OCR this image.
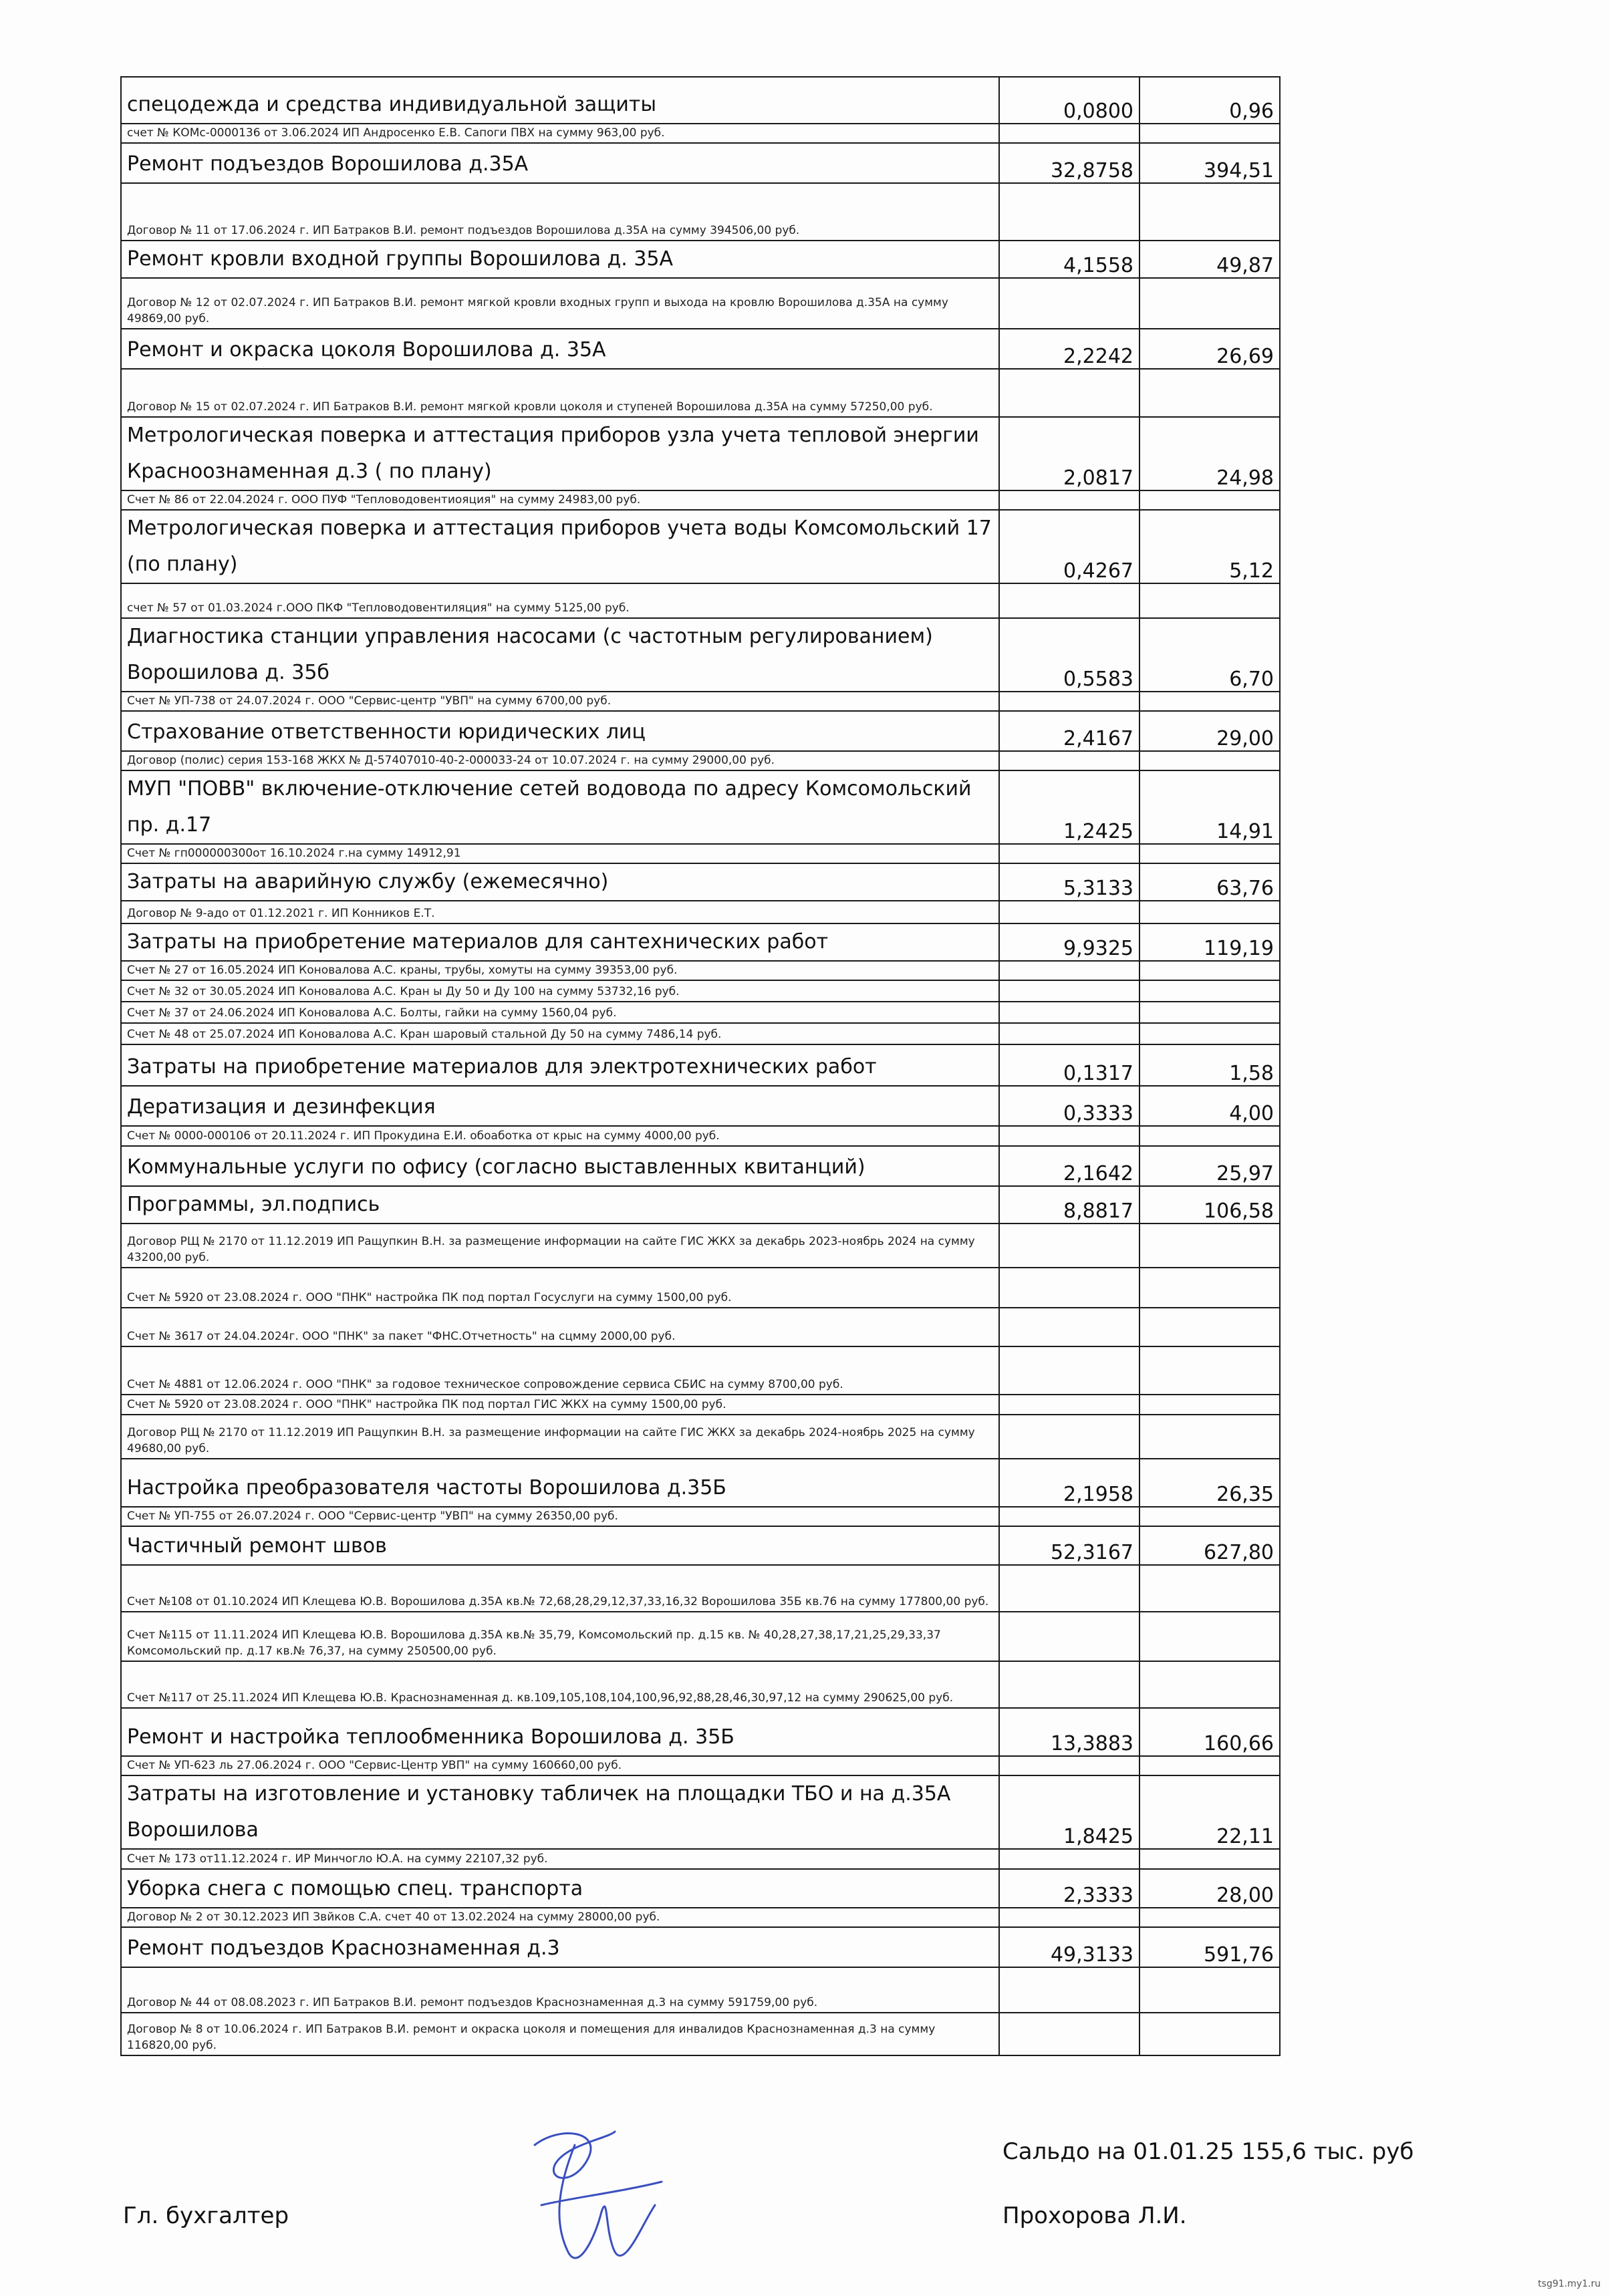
спецодежда и средства индивидуальной защиты	0,0800	0,96
счет № КОМс-0000136 от 3.06.2024 ИП Андросенко Е.В. Сапоги ПВХ на сумму 963,00 руб.		
Ремонт подъездов Ворошилова д.35А	32,8758	394,51
Договор № 11 от 17.06.2024 г. ИП Батраков В.И. ремонт подъездов Ворошилова д.35А на сумму 394506,00 руб.		
Ремонт кровли входной группы Ворошилова д. 35А	4,1558	49,87
Договор № 12 от 02.07.2024 г. ИП Батраков В.И. ремонт мягкой кровли входных групп и выхода на кровлю Ворошилова д.35А на сумму 49869,00 руб.		
Ремонт и окраска цоколя Ворошилова д. 35А	2,2242	26,69
Договор № 15 от 02.07.2024 г. ИП Батраков В.И. ремонт мягкой кровли цоколя и ступеней Ворошилова д.35А на сумму 57250,00 руб.		
Метрологическая поверка и аттестация приборов узла учета тепловой энергии Красноознаменная д.3 ( по плану)	2,0817	24,98
Счет № 86 от 22.04.2024 г. ООО ПУФ "Тепловодовентиояция" на сумму 24983,00 руб.		
Метрологическая поверка и аттестация приборов учета воды Комсомольский 17 (по плану)	0,4267	5,12
счет № 57 от 01.03.2024 г.ООО ПКФ "Тепловодовентиляция" на сумму 5125,00 руб.		
Диагностика станции управления насосами (с частотным регулированием) Ворошилова д. 35б	0,5583	6,70
Счет № УП-738 от 24.07.2024 г. ООО "Сервис-центр "УВП" на сумму 6700,00 руб.		
Страхование ответственности юридических лиц	2,4167	29,00
Договор (полис) серия 153-168 ЖКХ № Д-57407010-40-2-000033-24 от 10.07.2024 г. на сумму 29000,00 руб.		
МУП "ПОВВ" включение-отключение сетей водовода по адресу Комсомольский пр. д.17	1,2425	14,91
Счет № гп000000300от 16.10.2024 г.на сумму 14912,91		
Затраты на аварийную службу (ежемесячно)	5,3133	63,76
Договор № 9-адо от 01.12.2021 г. ИП Конников Е.Т.		
Затраты на приобретение материалов для сантехнических работ	9,9325	119,19
Счет № 27 от 16.05.2024 ИП Коновалова А.С. краны, трубы, хомуты на сумму 39353,00 руб.		
Счет № 32 от 30.05.2024 ИП Коновалова А.С. Кран ы Ду 50 и Ду 100 на сумму 53732,16 руб.		
Счет № 37 от 24.06.2024 ИП Коновалова А.С. Болты, гайки на сумму 1560,04 руб.		
Счет № 48 от 25.07.2024 ИП Коновалова А.С. Кран шаровый стальной Ду 50 на сумму 7486,14 руб.		
Затраты на приобретение материалов для электротехнических работ	0,1317	1,58
Дератизация и дезинфекция	0,3333	4,00
Счет № 0000-000106 от 20.11.2024 г. ИП Прокудина Е.И. обоаботка от крыс на сумму 4000,00 руб.		
Коммунальные услуги по офису (согласно выставленных квитанций)	2,1642	25,97
Программы, эл.подпись	8,8817	106,58
Договор РЩ № 2170 от 11.12.2019 ИП Ращупкин В.Н. за размещение информации на сайте ГИС ЖКХ за декабрь 2023-ноябрь 2024 на сумму 43200,00 руб.		
Счет № 5920 от 23.08.2024 г. ООО "ПНК" настройка ПК под портал Госуслуги на сумму 1500,00 руб.		
Счет № 3617 от 24.04.2024г. ООО "ПНК" за пакет "ФНС.Отчетность" на сцмму 2000,00 руб.		
Счет № 4881 от 12.06.2024 г. ООО "ПНК" за годовое техническое сопровождение сервиса СБИС на сумму 8700,00 руб.		
Счет № 5920 от 23.08.2024 г. ООО "ПНК" настройка ПК под портал ГИС ЖКХ на сумму 1500,00 руб.		
Договор РЩ № 2170 от 11.12.2019 ИП Ращупкин В.Н. за размещение информации на сайте ГИС ЖКХ за декабрь 2024-ноябрь 2025 на сумму 49680,00 руб.		
Настройка преобразователя частоты Ворошилова д.35Б	2,1958	26,35
Счет № УП-755 от 26.07.2024 г. ООО "Сервис-центр "УВП" на сумму 26350,00 руб.		
Частичный ремонт швов	52,3167	627,80
Счет №108 от 01.10.2024 ИП Клещева Ю.В. Ворошилова д.35А кв.№ 72,68,28,29,12,37,33,16,32 Ворошилова 35Б кв.76 на сумму 177800,00 руб.		
Счет №115 от 11.11.2024 ИП Клещева Ю.В. Ворошилова д.35А кв.№ 35,79, Комсомольский пр. д.15 кв. № 40,28,27,38,17,21,25,29,33,37 Комсомольский пр. д.17 кв.№ 76,37, на сумму 250500,00 руб.		
Счет №117 от 25.11.2024 ИП Клещева Ю.В. Краснознаменная д. кв.109,105,108,104,100,96,92,88,28,46,30,97,12 на сумму 290625,00 руб.		
Ремонт и настройка теплообменника Ворошилова д. 35Б	13,3883	160,66
Счет № УП-623 ль 27.06.2024 г. ООО "Сервис-Центр УВП" на сумму 160660,00 руб.		
Затраты на изготовление и установку табличек на площадки ТБО и на д.35А Ворошилова	1,8425	22,11
Счет № 173 от11.12.2024 г. ИР Минчогло Ю.А. на сумму 22107,32 руб.		
Уборка снега с помощью спец. транспорта	2,3333	28,00
Договор № 2 от 30.12.2023 ИП Звйков С.А. счет 40 от 13.02.2024 на сумму 28000,00 руб.		
Ремонт подъездов Краснознаменная д.3	49,3133	591,76
Договор № 44 от 08.08.2023 г. ИП Батраков В.И. ремонт подъездов Краснознаменная д.3 на сумму 591759,00 руб.		
Договор № 8 от 10.06.2024 г. ИП Батраков В.И. ремонт и окраска цоколя и помещения для инвалидов Краснознаменная д.3 на сумму 116820,00 руб.		
Сальдо на 01.01.25 155,6 тыс. руб
Гл. бухгалтер	Прохорова Л.И.
tsg91.my1.ru
